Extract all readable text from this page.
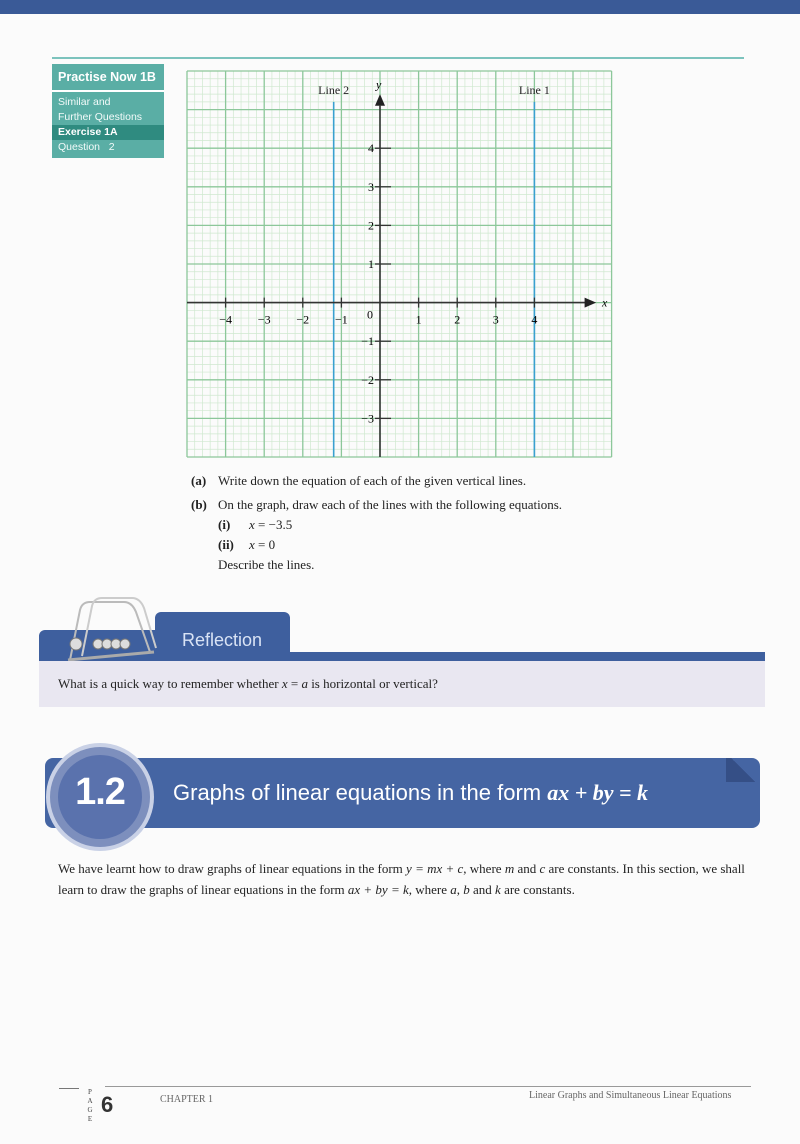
Practise Now 1B
Similar and
Further Questions
Exercise 1A
Question   2
Line 1
Line 2
x
y
−4 −3 −2 −1	1	2	3	4
−3
−2
−1
1
2
3
4
0
(a) Write down the equation of each of the given vertical lines.
(b) On the graph, draw each of the lines with the following equations.
(i)	x = −3.5
(ii)	x = 0
Describe the lines.
Reflection
What is a quick way to remember whether x = a is horizontal or vertical?
1.2	Graphs of linear equations in the form ax + by = k
We have learnt how to draw graphs of linear equations in the form y = mx + c, where m and c are constants. In this section, we shall learn to draw the graphs of linear equations in the form ax + by = k, where a, b and k are constants.
P
A
G
E
6	CHAPTER 1	Linear Graphs and Simultaneous Linear Equations
